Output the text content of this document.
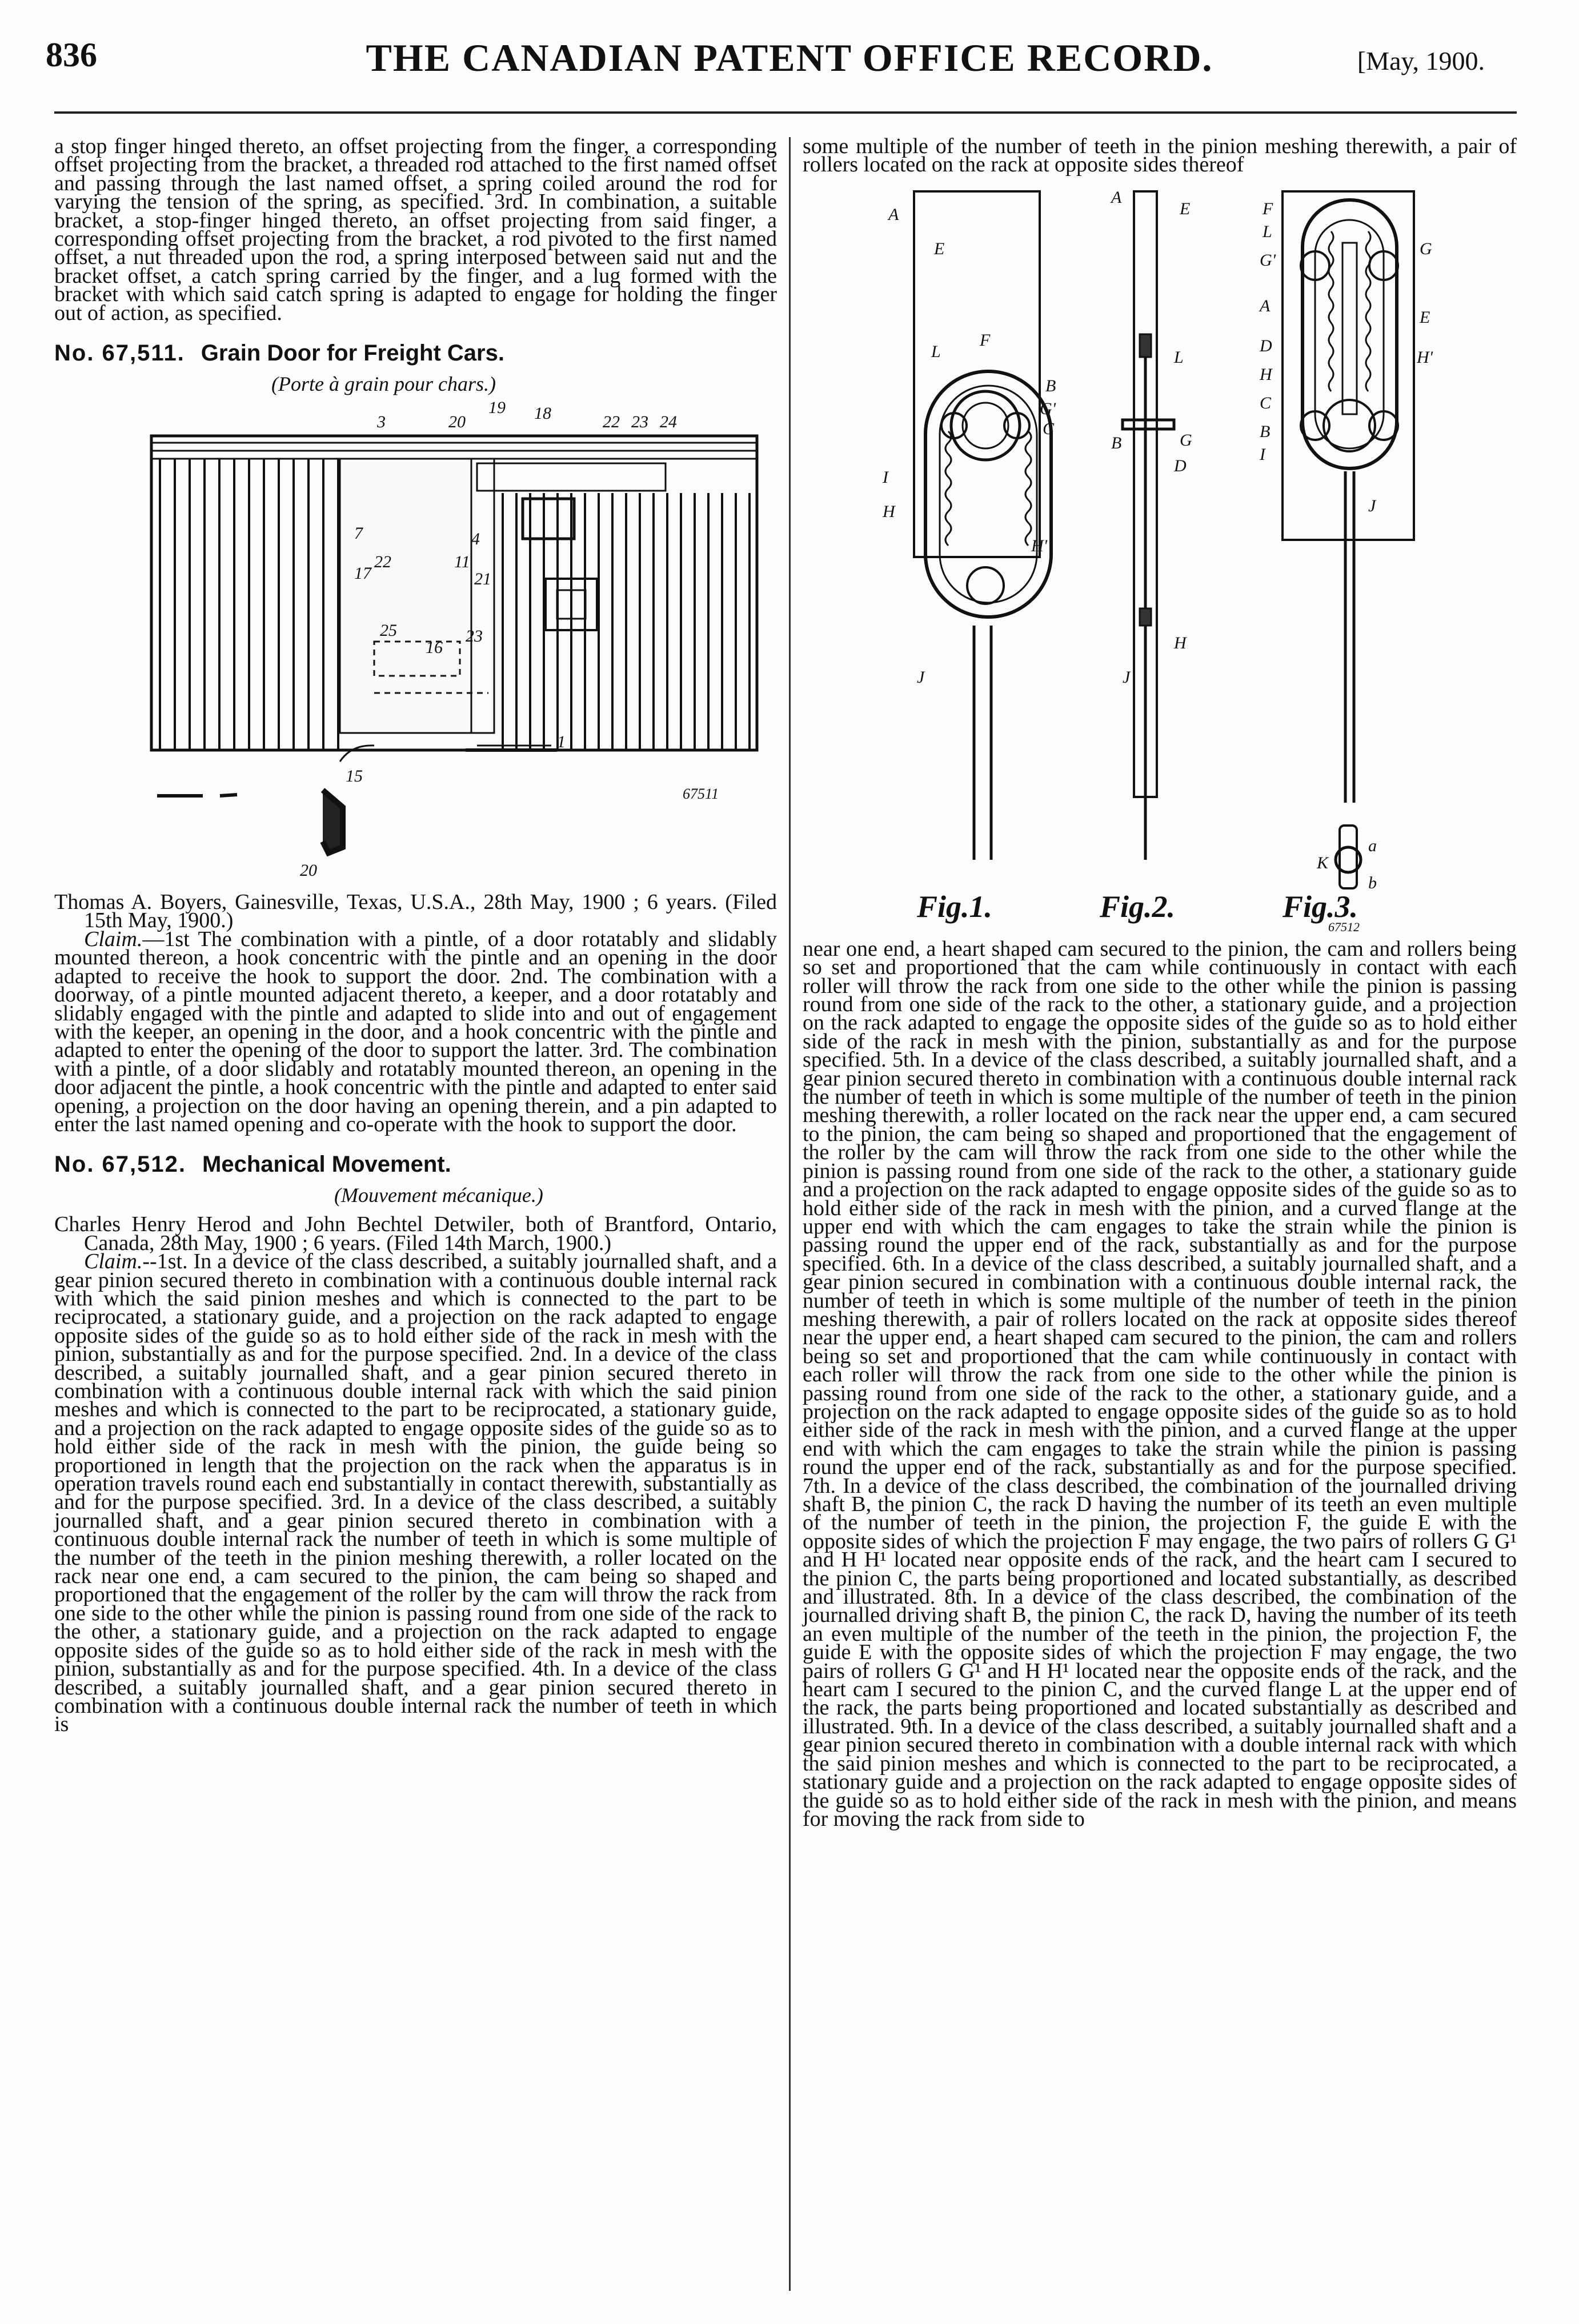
836	THE CANADIAN PATENT OFFICE RECORD.	[May, 1900.

a stop finger hinged thereto, an offset projecting from the finger, a corresponding offset projecting from the bracket, a threaded rod attached to the first named offset and passing through the last named offset, a spring coiled around the rod for varying the tension of the spring, as specified. 3rd. In combination, a suitable bracket, a stop-finger hinged thereto, an offset projecting from said finger, a corresponding offset projecting from the bracket, a rod pivoted to the first named offset, a nut threaded upon the rod, a spring interposed between said nut and the bracket offset, a catch spring carried by the finger, and a lug formed with the bracket with which said catch spring is adapted to engage for holding the finger out of action, as specified.

No. 67,511. Grain Door for Freight Cars.
(Porte à grain pour chars.)
3	20
19 18	22 23 24
7	4
17
22	11
21
25
16
23
1
15
20
67511

Thomas A. Boyers, Gainesville, Texas, U.S.A., 28th May, 1900 ; 6 years. (Filed 15th May, 1900.)

Claim.—1st The combination with a pintle, of a door rotatably and slidably mounted thereon, a hook concentric with the pintle and an opening in the door adapted to receive the hook to support the door. 2nd. The combination with a doorway, of a pintle mounted adjacent thereto, a keeper, and a door rotatably and slidably engaged with the pintle and adapted to slide into and out of engagement with the keeper, an opening in the door, and a hook concentric with the pintle and adapted to enter the opening of the door to support the latter. 3rd. The combination with a pintle, of a door slidably and rotatably mounted thereon, an opening in the door adjacent the pintle, a hook concentric with the pintle and adapted to enter said opening, a projection on the door having an opening therein, and a pin adapted to enter the last named opening and co-operate with the hook to support the door.

No. 67,512. Mechanical Movement.
(Mouvement mécanique.)

Charles Henry Herod and John Bechtel Detwiler, both of Brantford, Ontario, Canada, 28th May, 1900 ; 6 years. (Filed 14th March, 1900.)

Claim.--1st. In a device of the class described, a suitably journalled shaft, and a gear pinion secured thereto in combination with a continuous double internal rack with which the said pinion meshes and which is connected to the part to be reciprocated, a stationary guide, and a projection on the rack adapted to engage opposite sides of the guide so as to hold either side of the rack in mesh with the pinion, substantially as and for the purpose specified. 2nd. In a device of the class described, a suitably journalled shaft, and a gear pinion secured thereto in combination with a continuous double internal rack with which the said pinion meshes and which is connected to the part to be reciprocated, a stationary guide, and a projection on the rack adapted to engage opposite sides of the guide so as to hold either side of the rack in mesh with the pinion, the guide being so proportioned in length that the projection on the rack when the apparatus is in operation travels round each end substantially in contact therewith, substantially as and for the purpose specified. 3rd. In a device of the class described, a suitably journalled shaft, and a gear pinion secured thereto in combination with a continuous double internal rack the number of teeth in which is some multiple of the number of the teeth in the pinion meshing therewith, a roller located on the rack near one end, a cam secured to the pinion, the cam being so shaped and proportioned that the engagement of the roller by the cam will throw the rack from one side to the other while the pinion is passing round from one side of the rack to the other, a stationary guide, and a projection on the rack adapted to engage opposite sides of the guide so as to hold either side of the rack in mesh with the pinion, substantially as and for the purpose specified. 4th. In a device of the class described, a suitably journalled shaft, and a gear pinion secured thereto in combination with a continuous double internal rack the number of teeth in which is

some multiple of the number of teeth in the pinion meshing therewith, a pair of rollers located on the rack at opposite sides thereof

A
E
L
F
B
G'
C
I
H
H'
J
A
E
L
B	G
D
H
J
F
L
G
G'
A
E
D
H
C
B
I
H'
J
K
a
b
Fig.1.	Fig.2.	Fig.3.
67512

near one end, a heart shaped cam secured to the pinion, the cam and rollers being so set and proportioned that the cam while continuously in contact with each roller will throw the rack from one side to the other while the pinion is passing round from one side of the rack to the other, a stationary guide, and a projection on the rack adapted to engage the opposite sides of the guide so as to hold either side of the rack in mesh with the pinion, substantially as and for the purpose specified. 5th. In a device of the class described, a suitably journalled shaft, and a gear pinion secured thereto in combination with a continuous double internal rack the number of teeth in which is some multiple of the number of teeth in the pinion meshing therewith, a roller located on the rack near the upper end, a cam secured to the pinion, the cam being so shaped and proportioned that the engagement of the roller by the cam will throw the rack from one side to the other while the pinion is passing round from one side of the rack to the other, a stationary guide and a projection on the rack adapted to engage opposite sides of the guide so as to hold either side of the rack in mesh with the pinion, and a curved flange at the upper end with which the cam engages to take the strain while the pinion is passing round the upper end of the rack, substantially as and for the purpose specified. 6th. In a device of the class described, a suitably journalled shaft, and a gear pinion secured in combination with a continuous double internal rack, the number of teeth in which is some multiple of the number of teeth in the pinion meshing therewith, a pair of rollers located on the rack at opposite sides thereof near the upper end, a heart shaped cam secured to the pinion, the cam and rollers being so set and proportioned that the cam while continuously in contact with each roller will throw the rack from one side to the other while the pinion is passing round from one side of the rack to the other, a stationary guide, and a projection on the rack adapted to engage opposite sides of the guide so as to hold either side of the rack in mesh with the pinion, and a curved flange at the upper end with which the cam engages to take the strain while the pinion is passing round the upper end of the rack, substantially as and for the purpose specified. 7th. In a device of the class described, the combination of the journalled driving shaft B, the pinion C, the rack D having the number of its teeth an even multiple of the number of teeth in the pinion, the projection F, the guide E with the opposite sides of which the projection F may engage, the two pairs of rollers G G¹ and H H¹ located near opposite ends of the rack, and the heart cam I secured to the pinion C, the parts being proportioned and located substantially, as described and illustrated. 8th. In a device of the class described, the combination of the journalled driving shaft B, the pinion C, the rack D, having the number of its teeth an even multiple of the number of the teeth in the pinion, the projection F, the guide E with the opposite sides of which the projection F may engage, the two pairs of rollers G G¹ and H H¹ located near the opposite ends of the rack, and the heart cam I secured to the pinion C, and the curved flange L at the upper end of the rack, the parts being proportioned and located substantially as described and illustrated. 9th. In a device of the class described, a suitably journalled shaft and a gear pinion secured thereto in combination with a double internal rack with which the said pinion meshes and which is connected to the part to be reciprocated, a stationary guide and a projection on the rack adapted to engage opposite sides of the guide so as to hold either side of the rack in mesh with the pinion, and means for moving the rack from side to
